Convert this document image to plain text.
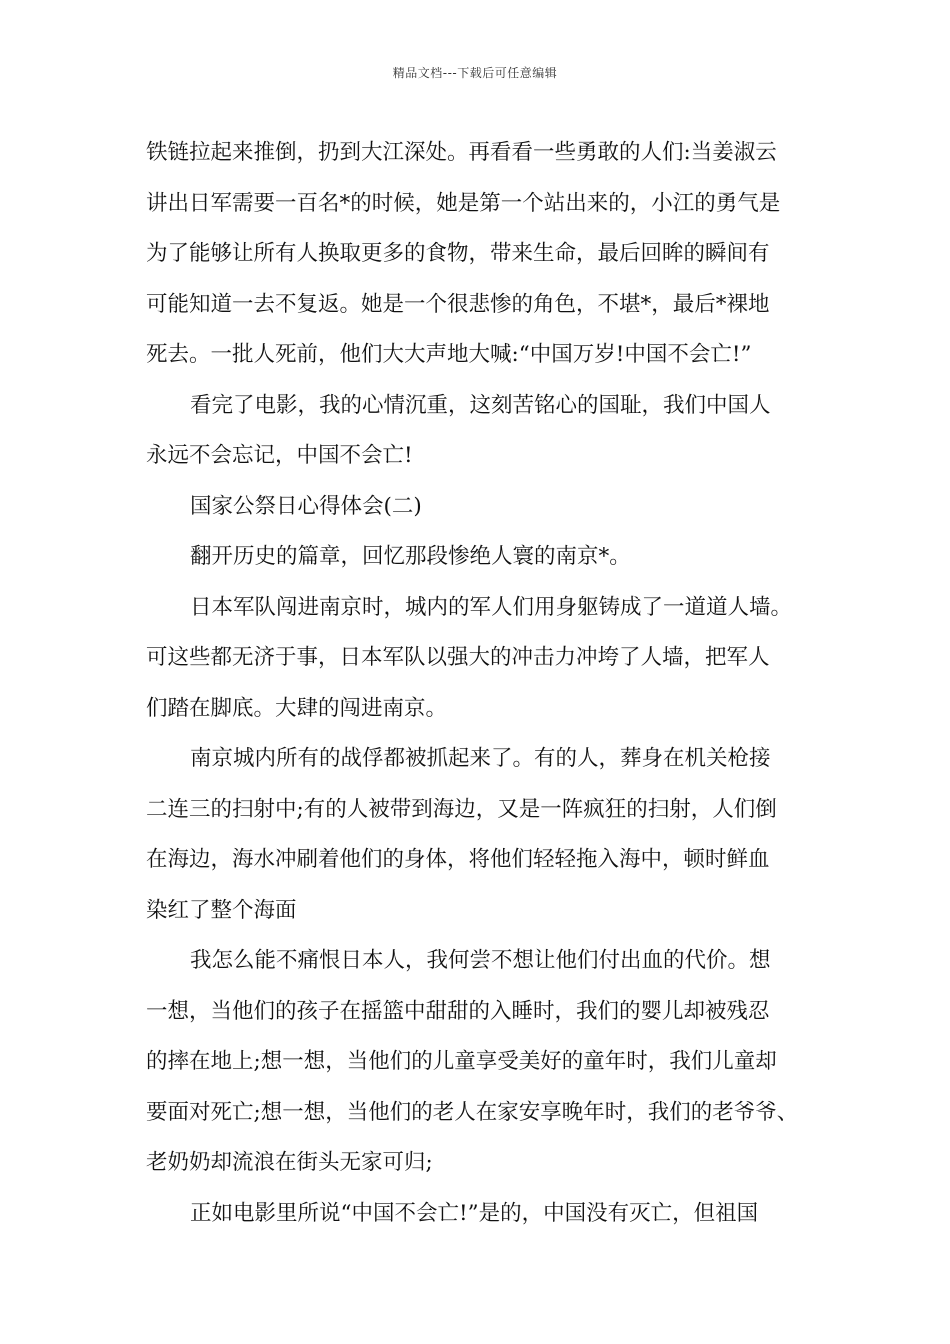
精品文档---下载后可任意编辑
铁链拉起来推倒，扔到大江深处。再看看一些勇敢的人们:当姜淑云
讲出日军需要一百名*的时候，她是第一个站出来的，小江的勇气是
为了能够让所有人换取更多的食物，带来生命，最后回眸的瞬间有
可能知道一去不复返。她是一个很悲惨的角色，不堪*，最后*裸地
死去。一批人死前，他们大大声地大喊:“中国万岁!中国不会亡!”
看完了电影，我的心情沉重，这刻苦铭心的国耻，我们中国人
永远不会忘记，中国不会亡!
国家公祭日心得体会(二)
翻开历史的篇章，回忆那段惨绝人寰的南京*。
日本军队闯进南京时，城内的军人们用身躯铸成了一道道人墙。
可这些都无济于事，日本军队以强大的冲击力冲垮了人墙，把军人
们踏在脚底。大肆的闯进南京。
南京城内所有的战俘都被抓起来了。有的人，葬身在机关枪接
二连三的扫射中;有的人被带到海边，又是一阵疯狂的扫射，人们倒
在海边，海水冲刷着他们的身体，将他们轻轻拖入海中，顿时鲜血
染红了整个海面
我怎么能不痛恨日本人，我何尝不想让他们付出血的代价。想
一想，当他们的孩子在摇篮中甜甜的入睡时，我们的婴儿却被残忍
的摔在地上;想一想，当他们的儿童享受美好的童年时，我们儿童却
要面对死亡;想一想，当他们的老人在家安享晚年时，我们的老爷爷、
老奶奶却流浪在街头无家可归;
正如电影里所说“中国不会亡!”是的，中国没有灭亡，但祖国
